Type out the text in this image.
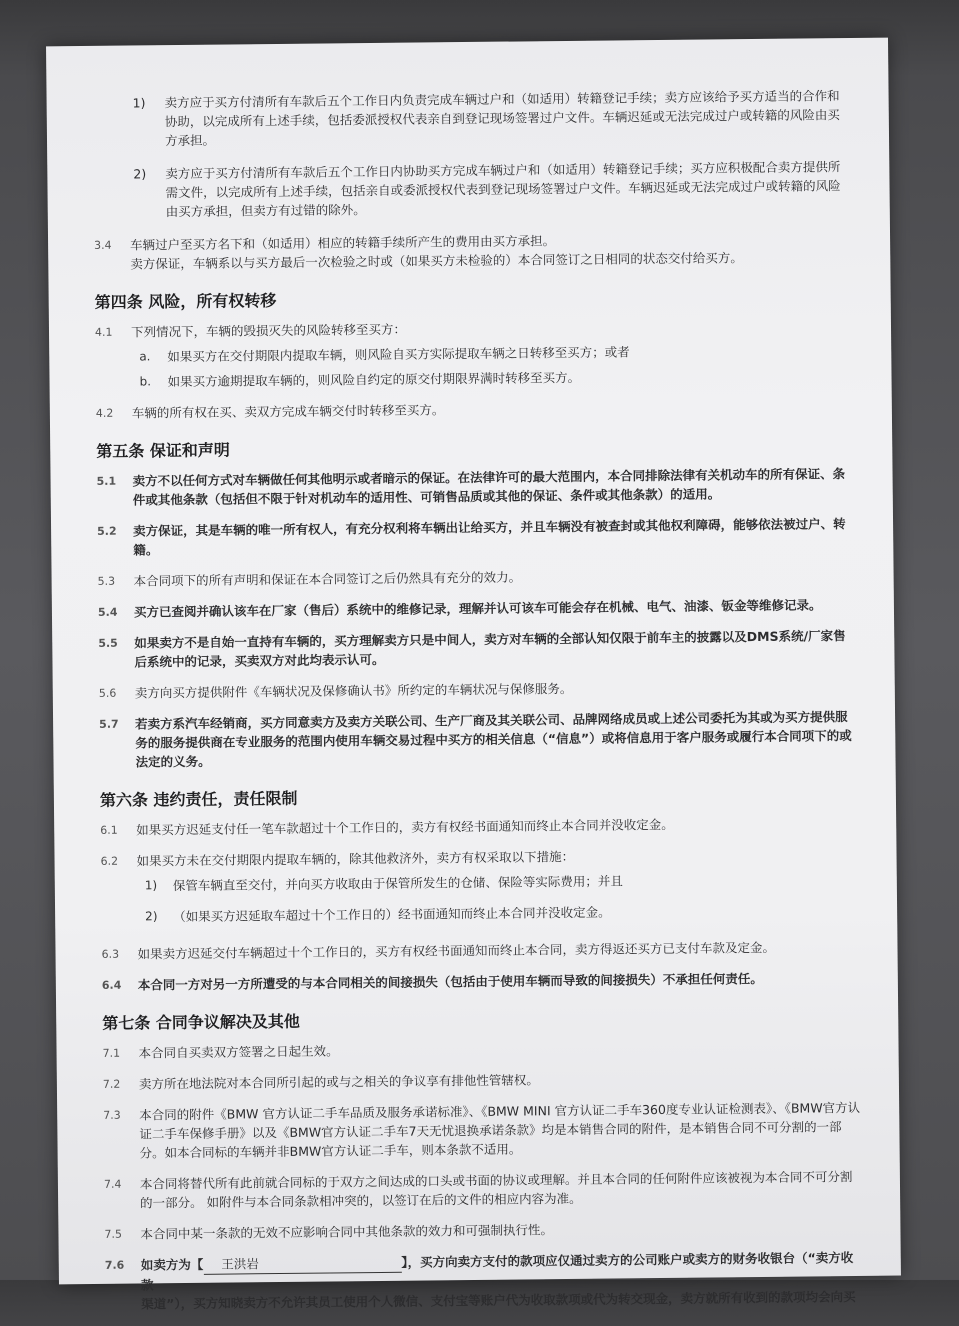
1) 卖方应于买方付清所有车款后五个工作日内负责完成车辆过户和（如适用）转籍登记手续；卖方应该给予买方适当的合作和
协助，以完成所有上述手续，包括委派授权代表亲自到登记现场签署过户文件。车辆迟延或无法完成过户或转籍的风险由买
方承担。
2) 卖方应于买方付清所有车款后五个工作日内协助买方完成车辆过户和（如适用）转籍登记手续；买方应积极配合卖方提供所
需文件，以完成所有上述手续，包括亲自或委派授权代表到登记现场签署过户文件。车辆迟延或无法完成过户或转籍的风险
由买方承担，但卖方有过错的除外。
3.4 车辆过户至买方名下和（如适用）相应的转籍手续所产生的费用由买方承担。
卖方保证，车辆系以与买方最后一次检验之时或（如果买方未检验的）本合同签订之日相同的状态交付给买方。
第四条 风险，所有权转移
4.1 下列情况下，车辆的毁损灭失的风险转移至买方：
a. 如果买方在交付期限内提取车辆，则风险自买方实际提取车辆之日转移至买方；或者
b. 如果买方逾期提取车辆的，则风险自约定的原交付期限界满时转移至买方。
4.2 车辆的所有权在买、卖双方完成车辆交付时转移至买方。
第五条 保证和声明
5.1 卖方不以任何方式对车辆做任何其他明示或者暗示的保证。在法律许可的最大范围内，本合同排除法律有关机动车的所有保证、条
件或其他条款（包括但不限于针对机动车的适用性、可销售品质或其他的保证、条件或其他条款）的适用。
5.2 卖方保证，其是车辆的唯一所有权人，有充分权利将车辆出让给买方，并且车辆没有被查封或其他权利障碍，能够依法被过户、转
籍。
5.3 本合同项下的所有声明和保证在本合同签订之后仍然具有充分的效力。
5.4 买方已查阅并确认该车在厂家（售后）系统中的维修记录，理解并认可该车可能会存在机械、电气、油漆、钣金等维修记录。
5.5 如果卖方不是自始一直持有车辆的，买方理解卖方只是中间人，卖方对车辆的全部认知仅限于前车主的披露以及DMS系统/厂家售
后系统中的记录，买卖双方对此均表示认可。
5.6 卖方向买方提供附件《车辆状况及保修确认书》所约定的车辆状况与保修服务。
5.7 若卖方系汽车经销商，买方同意卖方及卖方关联公司、生产厂商及其关联公司、品牌网络成员或上述公司委托为其或为买方提供服
务的服务提供商在专业服务的范围内使用车辆交易过程中买方的相关信息（“信息”）或将信息用于客户服务或履行本合同项下的或
法定的义务。
第六条 违约责任，责任限制
6.1 如果买方迟延支付任一笔车款超过十个工作日的，卖方有权经书面通知而终止本合同并没收定金。
6.2 如果买方未在交付期限内提取车辆的，除其他救济外，卖方有权采取以下措施：
1) 保管车辆直至交付，并向买方收取由于保管所发生的仓储、保险等实际费用；并且
2) （如果买方迟延取车超过十个工作日的）经书面通知而终止本合同并没收定金。
6.3 如果卖方迟延交付车辆超过十个工作日的，买方有权经书面通知而终止本合同，卖方得返还买方已支付车款及定金。
6.4 本合同一方对另一方所遭受的与本合同相关的间接损失（包括由于使用车辆而导致的间接损失）不承担任何责任。
第七条 合同争议解决及其他
7.1 本合同自买卖双方签署之日起生效。
7.2 卖方所在地法院对本合同所引起的或与之相关的争议享有排他性管辖权。
7.3 本合同的附件《BMW 官方认证二手车品质及服务承诺标准》、《BMW MINI 官方认证二手车360度专业认证检测表》、《BMW官方认
证二手车保修手册》以及《BMW官方认证二手车7天无忧退换承诺条款》均是本销售合同的附件，是本销售合同不可分割的一部
分。如本合同标的车辆并非BMW官方认证二手车，则本条款不适用。
7.4 本合同将替代所有此前就合同标的于双方之间达成的口头或书面的协议或理解。并且本合同的任何附件应该被视为本合同不可分割
的一部分。 如附件与本合同条款相冲突的，以签订在后的文件的相应内容为准。
7.5 本合同中某一条款的无效不应影响合同中其他条款的效力和可强制执行性。
7.6 如卖方为【 王洪岩	】，买方向卖方支付的款项应仅通过卖方的公司账户或卖方的财务收银台（“卖方收款
渠道”），买方知晓卖方不允许其员工使用个人微信、支付宝等账户代为收取款项或代为转交现金，卖方就所有收到的款项均会向买
